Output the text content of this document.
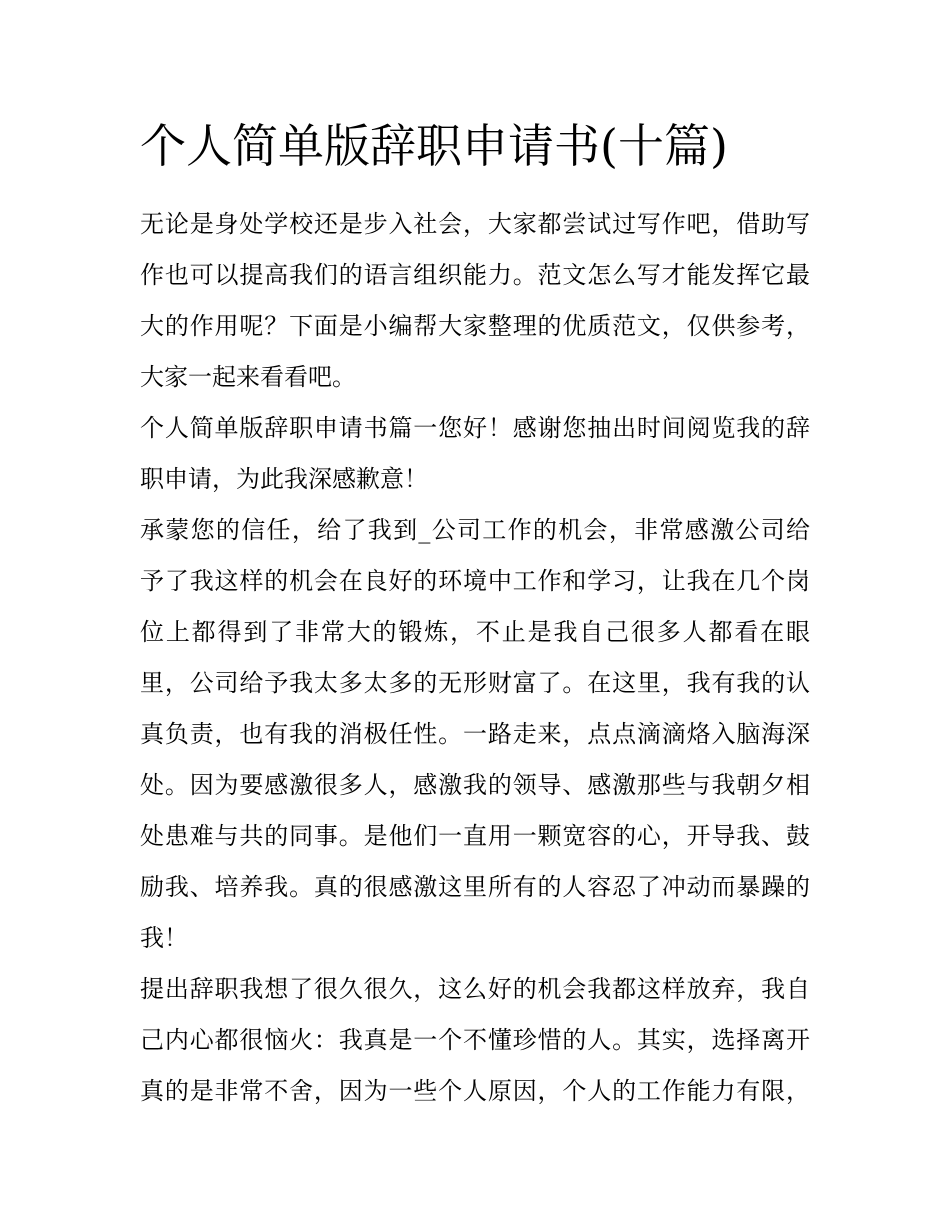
个人简单版辞职申请书(十篇)
无论是身处学校还是步入社会，大家都尝试过写作吧，借助写
作也可以提高我们的语言组织能力。范文怎么写才能发挥它最
大的作用呢？下面是小编帮大家整理的优质范文，仅供参考，
大家一起来看看吧。
个人简单版辞职申请书篇一您好！感谢您抽出时间阅览我的辞
职申请，为此我深感歉意！
承蒙您的信任，给了我到_公司工作的机会，非常感激公司给
予了我这样的机会在良好的环境中工作和学习，让我在几个岗
位上都得到了非常大的锻炼，不止是我自己很多人都看在眼
里，公司给予我太多太多的无形财富了。在这里，我有我的认
真负责，也有我的消极任性。一路走来，点点滴滴烙入脑海深
处。因为要感激很多人，感激我的领导、感激那些与我朝夕相
处患难与共的同事。是他们一直用一颗宽容的心，开导我、鼓
励我、培养我。真的很感激这里所有的人容忍了冲动而暴躁的
我！
提出辞职我想了很久很久，这么好的机会我都这样放弃，我自
己内心都很恼火：我真是一个不懂珍惜的人。其实，选择离开
真的是非常不舍，因为一些个人原因，个人的工作能力有限，
